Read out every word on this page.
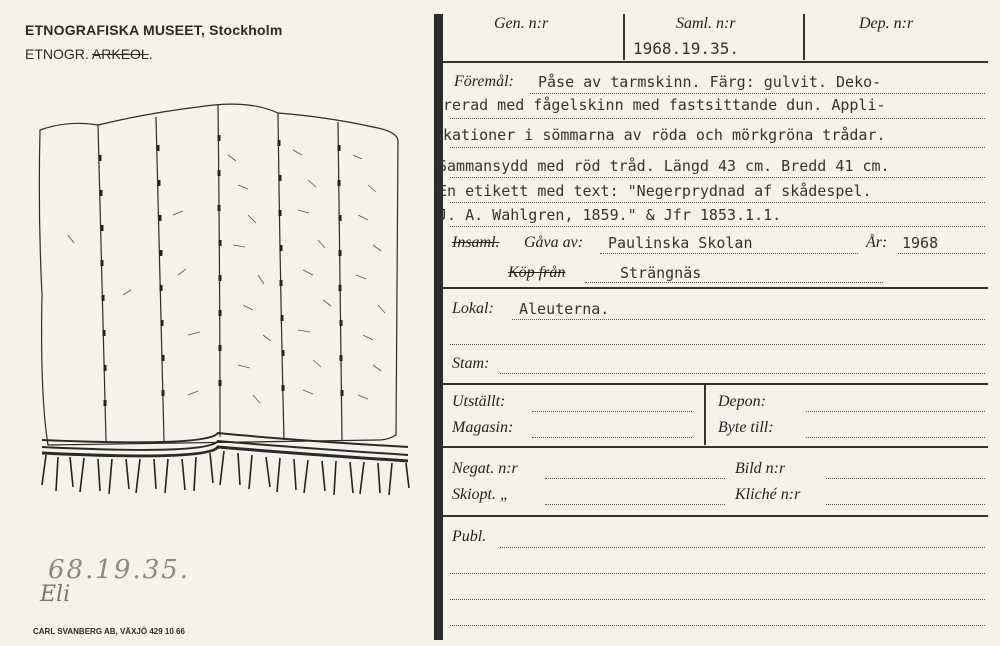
ETNOGRAFISKA MUSEET, Stockholm
ETNOGR. ARKEOL.
68.19.35.
Eli
CARL SVANBERG AB, VÄXJÖ 429 10 66
Gen. n:r	Saml. n:r	Dep. n:r
1968.19.35.
Föremål: Påse av tarmskinn. Färg: gulvit. Deko-
rerad med fågelskinn med fastsittande dun. Appli-
kationer i sömmarna av röda och mörkgröna trådar.
Sammansydd med röd tråd. Längd 43 cm. Bredd 41 cm.
En etikett med text: "Negerprydnad af skådespel.
J. A. Wahlgren, 1859." & Jfr 1853.1.1.
Insaml. Gåva av: Paulinska Skolan	År: 1968
Köp från	Strängnäs
Lokal: Aleuterna.
Stam:
Utställt:	Depon:
Magasin:	Byte till:
Negat. n:r	Bild n:r
Skiopt. „	Kliché n:r
Publ.
